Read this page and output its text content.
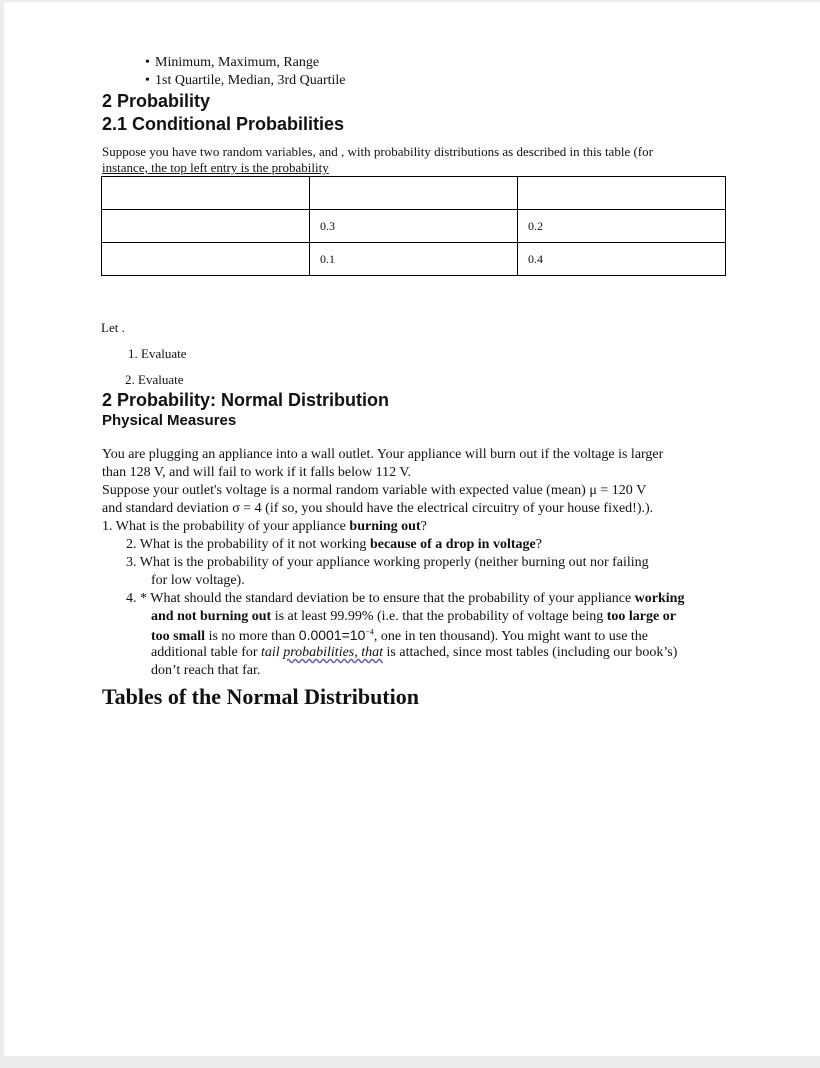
• Minimum, Maximum, Range
• 1st Quartile, Median, 3rd Quartile
2 Probability
2.1 Conditional Probabilities
Suppose you have two random variables, and , with probability distributions as described in this table (for
instance, the top left entry is the probability

	0.3	0.2
	0.1	0.4
Let .
1. Evaluate
2. Evaluate
2 Probability: Normal Distribution
Physical Measures
You are plugging an appliance into a wall outlet. Your appliance will burn out if the voltage is larger
than 128 V, and will fail to work if it falls below 112 V.
Suppose your outlet's voltage is a normal random variable with expected value (mean) μ = 120 V
and standard deviation σ = 4 (if so, you should have the electrical circuitry of your house fixed!).).
1. What is the probability of your appliance burning out?
2. What is the probability of it not working because of a drop in voltage?
3. What is the probability of your appliance working properly (neither burning out nor failing
for low voltage).
4. * What should the standard deviation be to ensure that the probability of your appliance working
and not burning out is at least 99.99% (i.e. that the probability of voltage being too large or
too small is no more than $0.0001=10^{-4}$, one in ten thousand). You might want to use the
additional table for tail probabilities, that is attached, since most tables (including our book’s)
don’t reach that far.
Tables of the Normal Distribution
